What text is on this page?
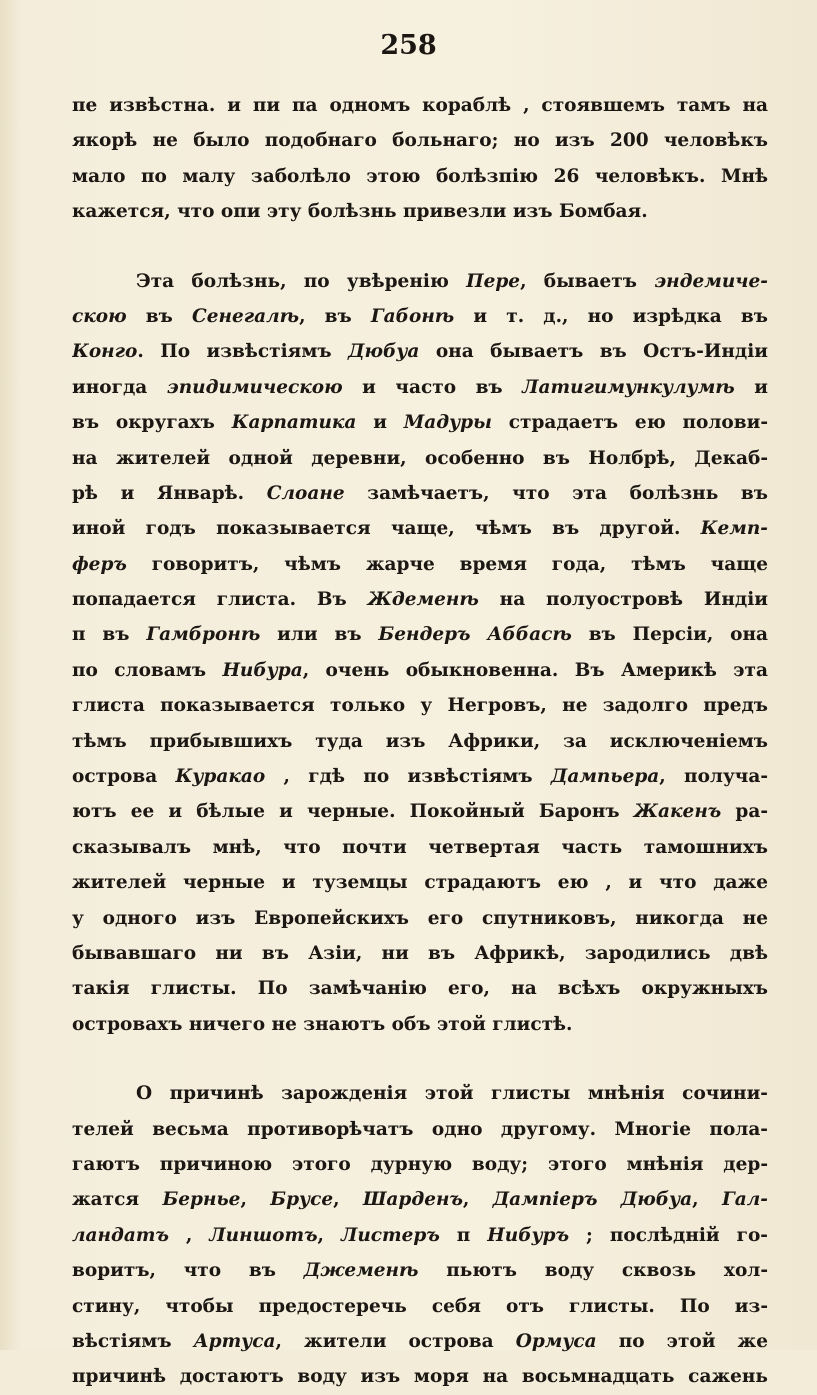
258
пе извѣстна. и пи па одномъ кораблѣ , стоявшемъ тамъ на
якорѣ не было подобнаго больнаго; но изъ 200 человѣкъ
мало по малу заболѣло этою болѣзпію 26 человѣкъ. Мнѣ
кажется, что опи эту болѣзнь привезли изъ Бомбая.
Эта болѣзнь, по увѣренію Пере, бываетъ эндемиче-
скою въ Сенегалѣ, въ Габонѣ и т. д., но изрѣдка въ
Конго. По извѣстіямъ Дюбуа она бываетъ въ Остъ-Индіи
иногда эпидимическою и часто въ Латигимункулумѣ и
въ округахъ Карпатика и Мадуры страдаетъ ею полови-
на жителей одной деревни, особенно въ Нолбрѣ, Декаб-
рѣ и Январѣ. Слоане замѣчаетъ, что эта болѣзнь въ
иной годъ показывается чаще, чѣмъ въ другой. Кемп-
феръ говоритъ, чѣмъ жарче время года, тѣмъ чаще
попадается глиста. Въ Ждеменѣ на полуостровѣ Индіи
п въ Гамбронѣ или въ Бендеръ Аббасѣ въ Персіи, она
по словамъ Нибура, очень обыкновенна. Въ Америкѣ эта
глиста показывается только у Негровъ, не задолго предъ
тѣмъ прибывшихъ туда изъ Африки, за исключеніемъ
острова Куракао , гдѣ по извѣстіямъ Дампьера, получа-
ютъ ее и бѣлые и черные. Покойный Баронъ Жакенъ ра-
сказывалъ мнѣ, что почти четвертая часть тамошнихъ
жителей черные и туземцы страдаютъ ею , и что даже
у одного изъ Европейскихъ его спутниковъ, никогда не
бывавшаго ни въ Азіи, ни въ Африкѣ, зародились двѣ
такія глисты. По замѣчанію его, на всѣхъ окружныхъ
островахъ ничего не знаютъ объ этой глистѣ.
О причинѣ зарожденія этой глисты мнѣнія сочини-
телей весьма противорѣчатъ одно другому. Многіе пола-
гаютъ причиною этого дурную воду; этого мнѣнія дер-
жатся Бернье, Брусе, Шарденъ, Дампіеръ Дюбуа, Гал-
ландатъ , Линшотъ, Листеръ п Нибуръ ; послѣдній го-
воритъ, что въ Джеменѣ пьютъ воду сквозь хол-
стину, чтобы предостеречь себя отъ глисты. По из-
вѣстіямъ Артуса, жители острова Ормуса по этой же
причинѣ достаютъ воду изъ моря на восьмнадцать сажень
